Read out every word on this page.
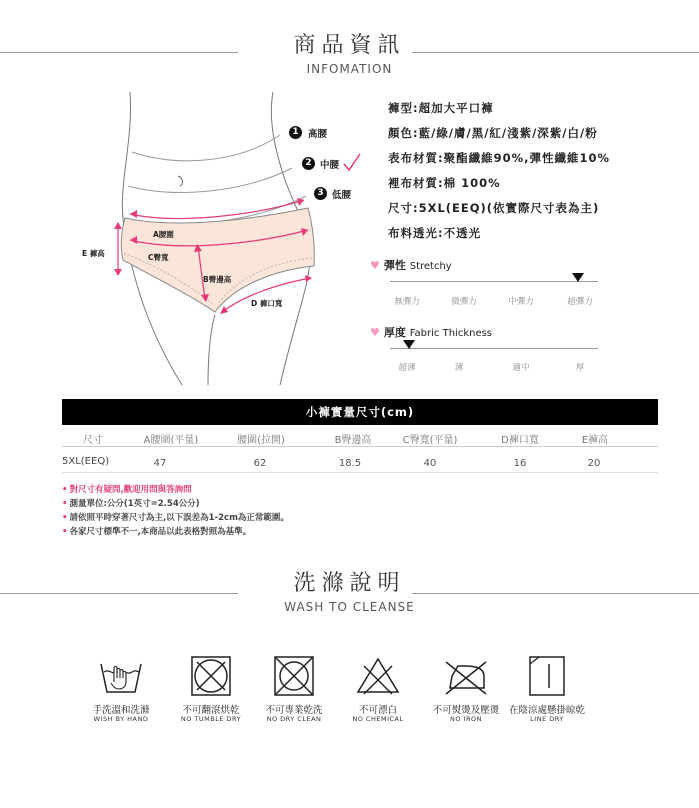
商品資訊
INFOMATION
1 高腰
2 中腰
3 低腰
A腰圍
C臀寬
E 褲高
B臀邊高
D 褲口寬
褲型:超加大平口褲
顏色:藍/綠/膚/黑/紅/淺紫/深紫/白/粉
表布材質:聚酯纖維90%,彈性纖維10%
裡布材質:棉 100%
尺寸:5XL(EEQ)(依實際尺寸表為主)
布料透光:不透光
♥ 彈性 Stretchy
無彈力	微彈力	中彈力	超彈力
♥ 厚度 Fabric Thickness
超薄	薄	適中	厚
小褲實量尺寸(cm)
尺寸	A腰圍(平量)	腰圍(拉開)	B臀邊高	C臀寬(平量)	D褲口寬	E褲高
5XL(EEQ)	47	62	18.5	40	16	20
• 對尺寸有疑問,歡迎用問與答詢問
• 測量單位:公分(1英寸=2.54公分)
• 請依照平時穿著尺寸為主,以下誤差為1-2cm為正常範圍。
• 各家尺寸標準不一,本商品以此表格對照為基準。
洗滌說明
WASH TO CLEANSE
手洗溫和洗滌
WISH BY HAND
不可翻滾烘乾
NO TUMBLE DRY
不可專業乾洗
NO DRY CLEAN
不可漂白
NO CHEMICAL
不可熨燙及壓燙
NO IRON
在陰涼處懸掛晾乾
LINE DRY
